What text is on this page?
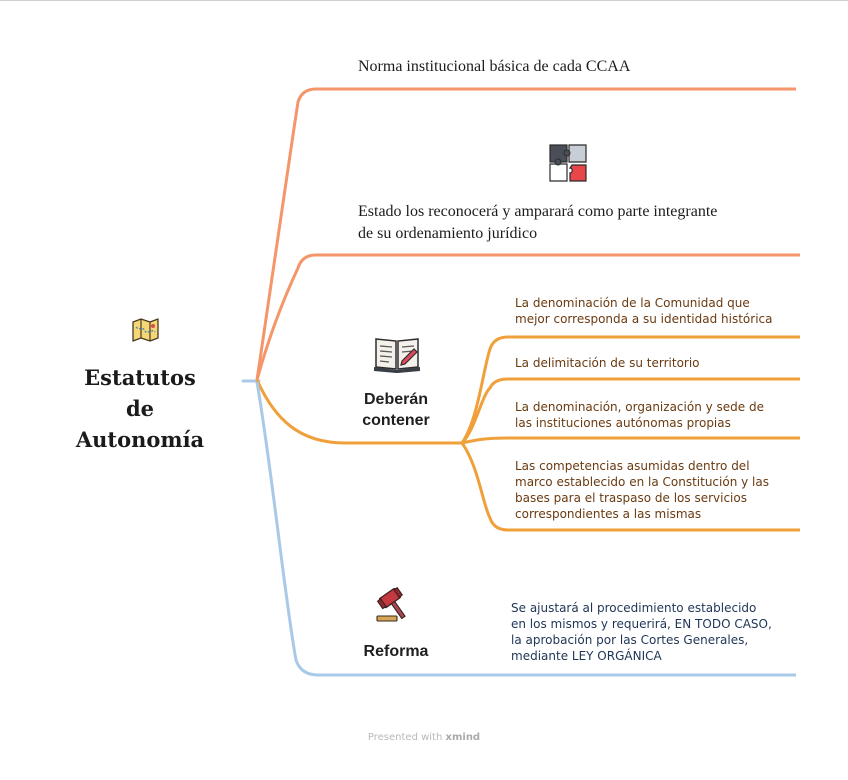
Estatutos
de
Autonomía
Norma institucional básica de cada CCAA
Estado los reconocerá y amparará como parte integrante
de su ordenamiento jurídico
Deberán
contener
La denominación de la Comunidad que
mejor corresponda a su identidad histórica
La delimitación de su territorio
La denominación, organización y sede de
las instituciones autónomas propias
Las competencias asumidas dentro del
marco establecido en la Constitución y las
bases para el traspaso de los servicios
correspondientes a las mismas
Reforma
Se ajustará al procedimiento establecido
en los mismos y requerirá, EN TODO CASO,
la aprobación por las Cortes Generales,
mediante LEY ORGÁNICA
Presented with xmind
